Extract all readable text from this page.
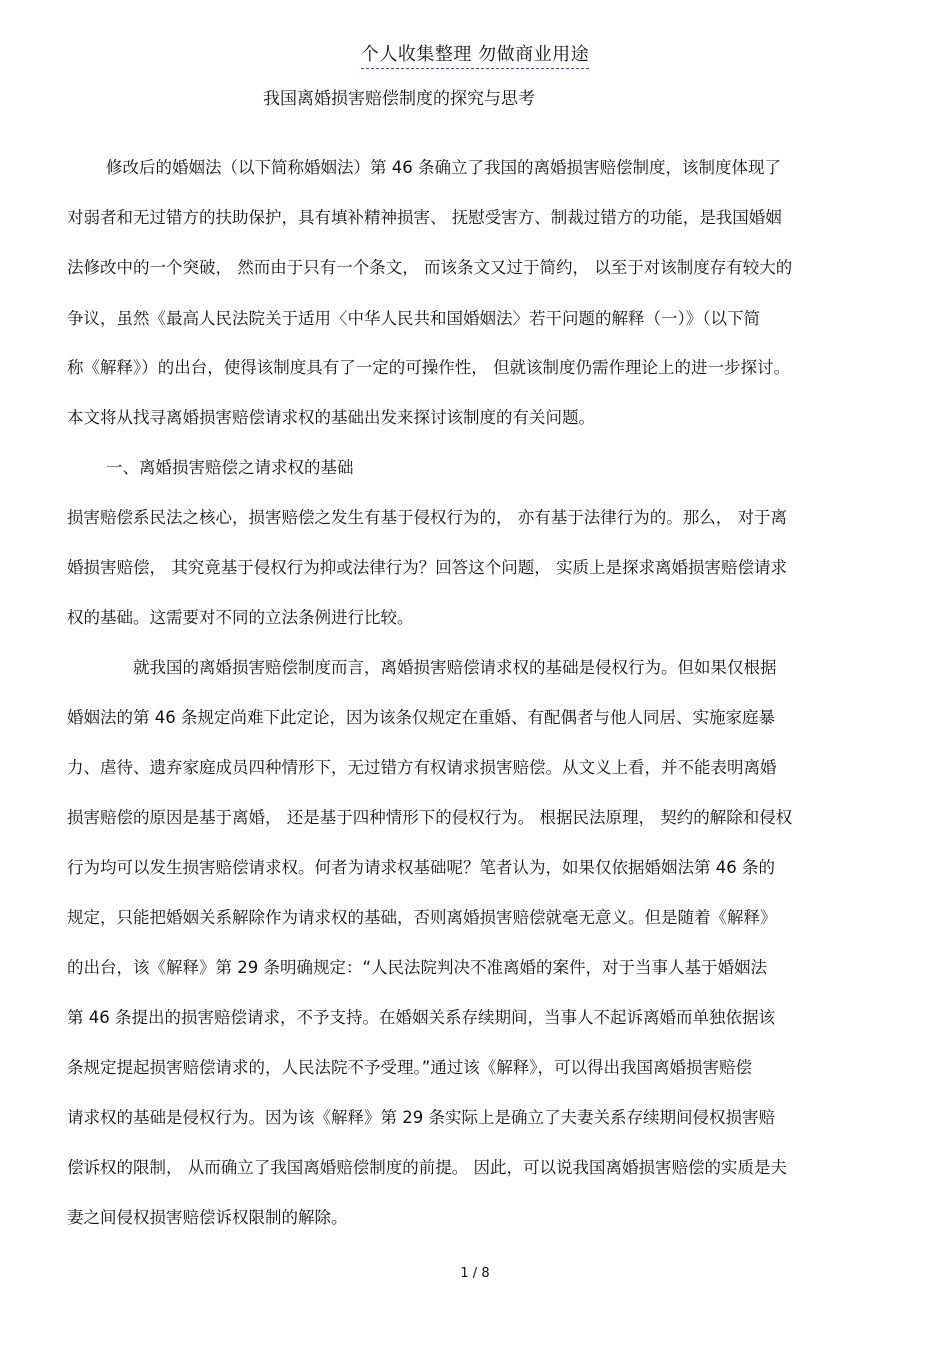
个人收集整理 勿做商业用途
我国离婚损害赔偿制度的探究与思考
修改后的婚姻法（以下简称婚姻法）第 46 条确立了我国的离婚损害赔偿制度，该制度体现了
对弱者和无过错方的扶助保护，具有填补精神损害、 抚慰受害方、制裁过错方的功能，是我国婚姻
法修改中的一个突破， 然而由于只有一个条文， 而该条文又过于简约， 以至于对该制度存有较大的
争议，虽然《最高人民法院关于适用〈中华人民共和国婚姻法〉若干问题的解释（一）》（以下简
称《解释》）的出台，使得该制度具有了一定的可操作性， 但就该制度仍需作理论上的进一步探讨。
本文将从找寻离婚损害赔偿请求权的基础出发来探讨该制度的有关问题。
一、离婚损害赔偿之请求权的基础
损害赔偿系民法之核心，损害赔偿之发生有基于侵权行为的， 亦有基于法律行为的。那么， 对于离
婚损害赔偿， 其究竟基于侵权行为抑或法律行为？回答这个问题， 实质上是探求离婚损害赔偿请求
权的基础。这需要对不同的立法条例进行比较。
就我国的离婚损害赔偿制度而言，离婚损害赔偿请求权的基础是侵权行为。但如果仅根据
婚姻法的第 46 条规定尚难下此定论，因为该条仅规定在重婚、有配偶者与他人同居、实施家庭暴
力、虐待、遗弃家庭成员四种情形下，无过错方有权请求损害赔偿。从文义上看，并不能表明离婚
损害赔偿的原因是基于离婚， 还是基于四种情形下的侵权行为。 根据民法原理， 契约的解除和侵权
行为均可以发生损害赔偿请求权。何者为请求权基础呢？笔者认为，如果仅依据婚姻法第 46 条的
规定，只能把婚姻关系解除作为请求权的基础，否则离婚损害赔偿就毫无意义。但是随着《解释》
的出台，该《解释》第 29 条明确规定：“人民法院判决不准离婚的案件，对于当事人基于婚姻法
第 46 条提出的损害赔偿请求，不予支持。在婚姻关系存续期间，当事人不起诉离婚而单独依据该
条规定提起损害赔偿请求的，人民法院不予受理。”通过该《解释》，可以得出我国离婚损害赔偿
请求权的基础是侵权行为。因为该《解释》第 29 条实际上是确立了夫妻关系存续期间侵权损害赔
偿诉权的限制， 从而确立了我国离婚赔偿制度的前提。 因此，可以说我国离婚损害赔偿的实质是夫
妻之间侵权损害赔偿诉权限制的解除。
1 / 8
